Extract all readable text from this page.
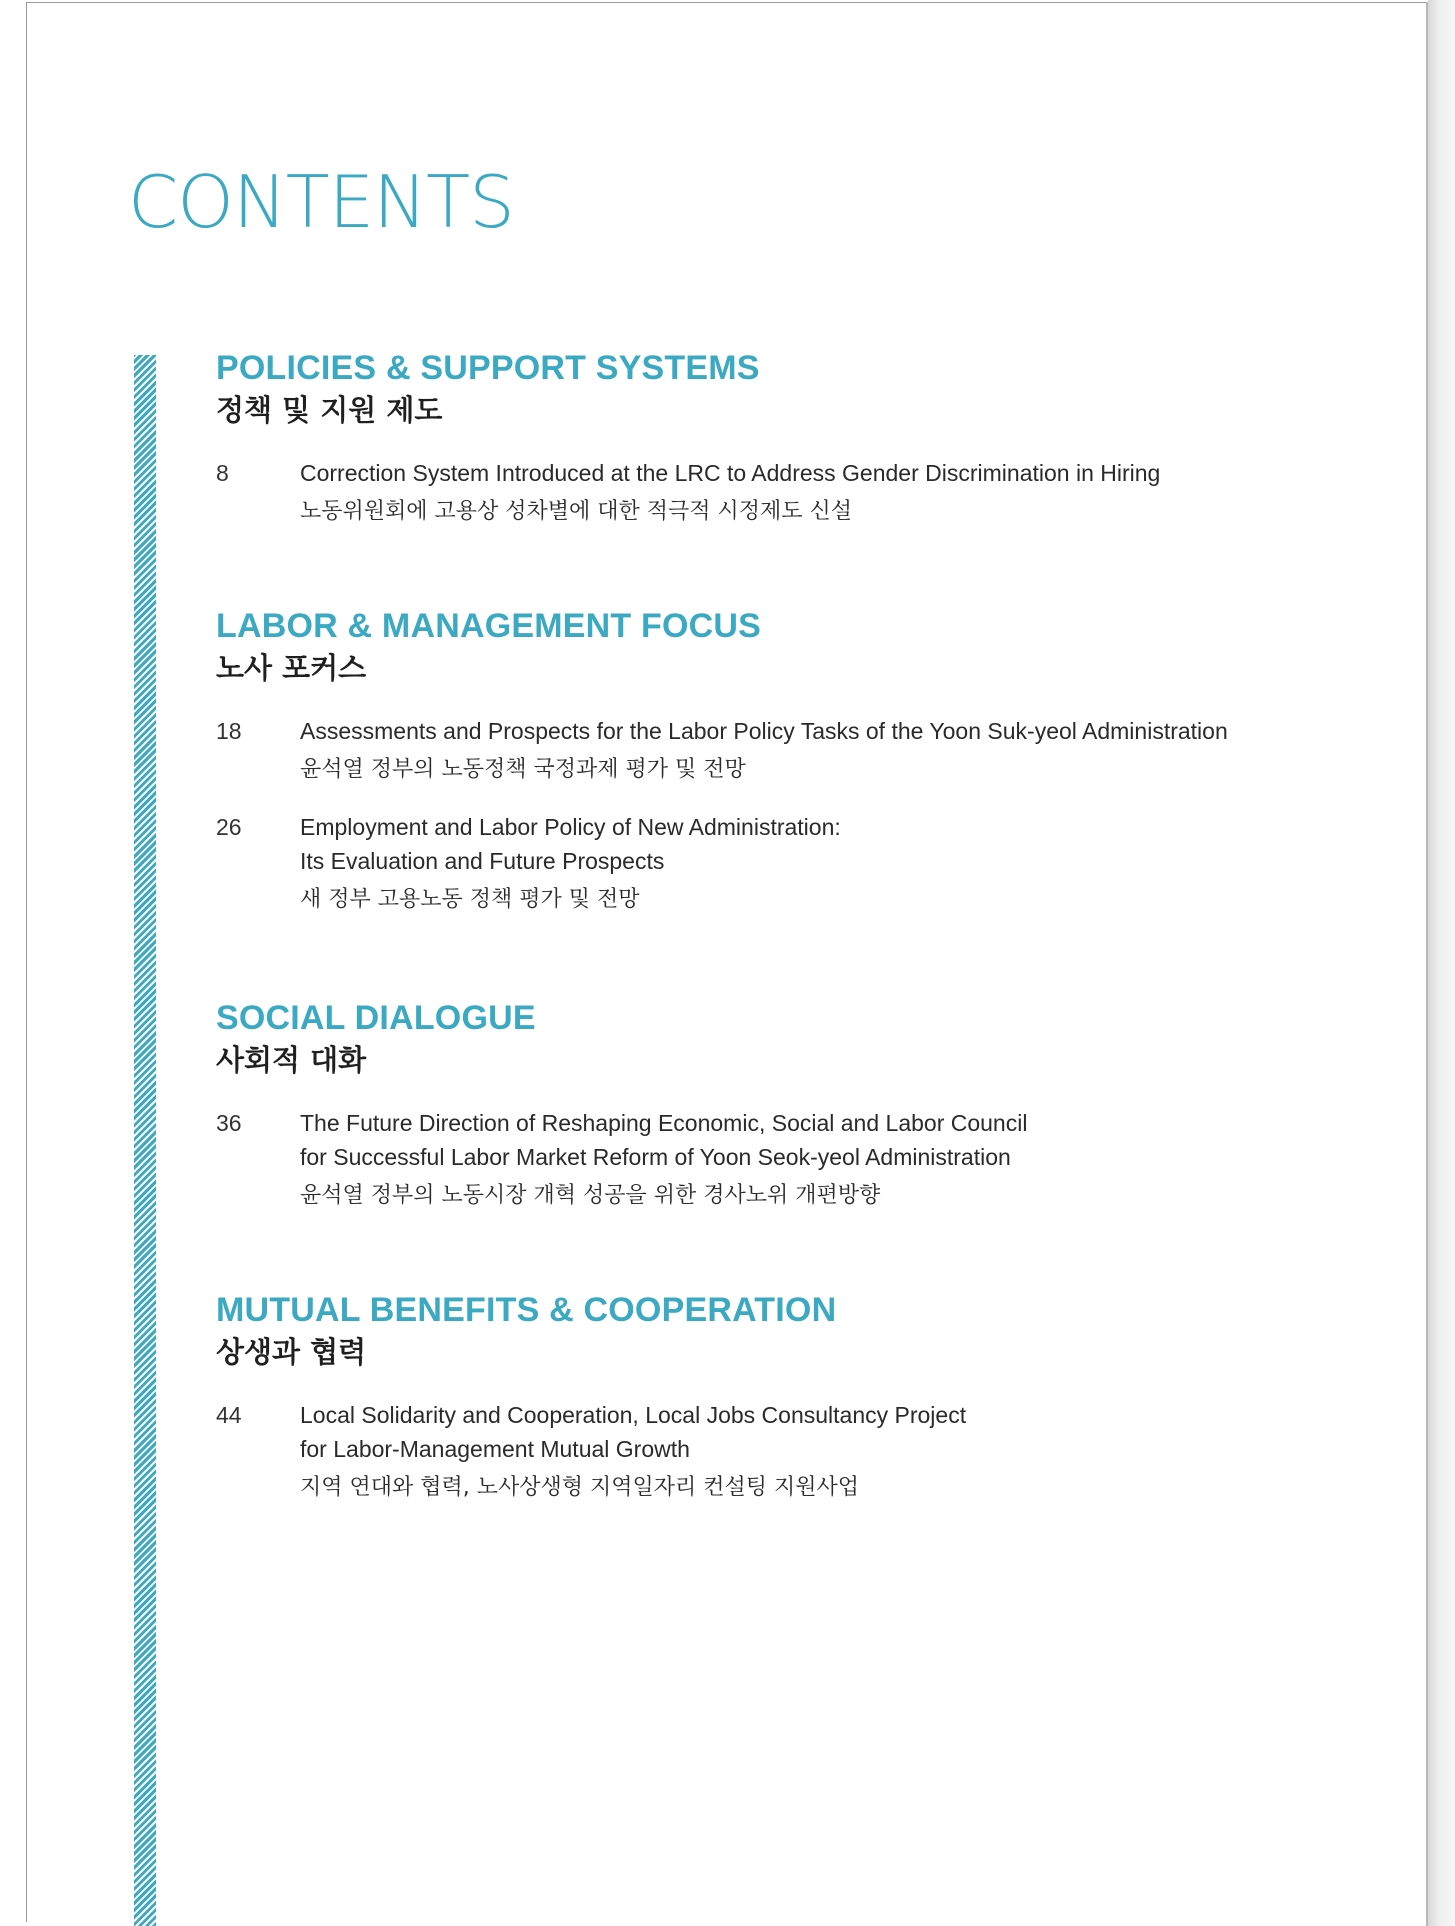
CONTENTS
POLICIES & SUPPORT SYSTEMS
정책 및 지원 제도
8	Correction System Introduced at the LRC to Address Gender Discrimination in Hiring
노동위원회에 고용상 성차별에 대한 적극적 시정제도 신설
LABOR & MANAGEMENT FOCUS
노사 포커스
18	Assessments and Prospects for the Labor Policy Tasks of the Yoon Suk-yeol Administration
윤석열 정부의 노동정책 국정과제 평가 및 전망
26	Employment and Labor Policy of New Administration:
Its Evaluation and Future Prospects
새 정부 고용노동 정책 평가 및 전망
SOCIAL DIALOGUE
사회적 대화
36	The Future Direction of Reshaping Economic, Social and Labor Council
for Successful Labor Market Reform of Yoon Seok-yeol Administration
윤석열 정부의 노동시장 개혁 성공을 위한 경사노위 개편방향
MUTUAL BENEFITS & COOPERATION
상생과 협력
44	Local Solidarity and Cooperation, Local Jobs Consultancy Project
for Labor-Management Mutual Growth
지역 연대와 협력, 노사상생형 지역일자리 컨설팅 지원사업
